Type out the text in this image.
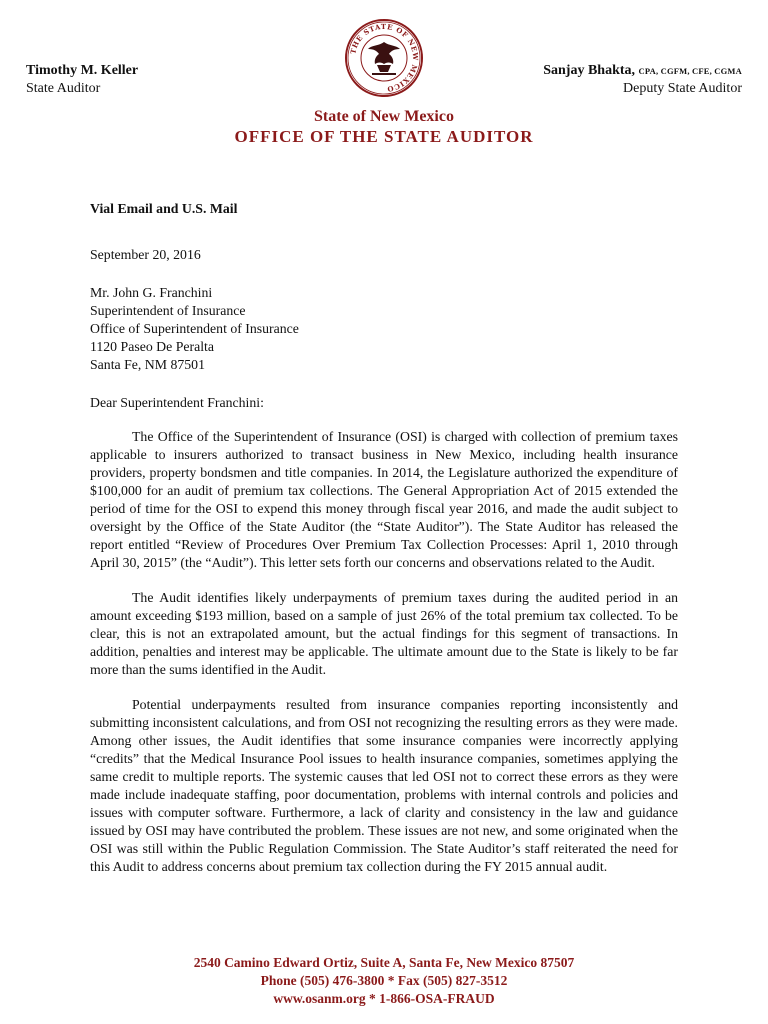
THE STATE OF NEW MEXICO
Timothy M. Keller
State Auditor
Sanjay Bhakta, CPA, CGFM, CFE, CGMA
Deputy State Auditor
State of New Mexico
OFFICE OF THE STATE AUDITOR
Vial Email and U.S. Mail
September 20, 2016
Mr. John G. Franchini
Superintendent of Insurance
Office of Superintendent of Insurance
1120 Paseo De Peralta
Santa Fe, NM 87501
Dear Superintendent Franchini:

The Office of the Superintendent of Insurance (OSI) is charged with collection of premium taxes applicable to insurers authorized to transact business in New Mexico, including health insurance providers, property bondsmen and title companies. In 2014, the Legislature authorized the expenditure of $100,000 for an audit of premium tax collections. The General Appropriation Act of 2015 extended the period of time for the OSI to expend this money through fiscal year 2016, and made the audit subject to oversight by the Office of the State Auditor (the “State Auditor”). The State Auditor has released the report entitled “Review of Procedures Over Premium Tax Collection Processes: April 1, 2010 through April 30, 2015” (the “Audit”). This letter sets forth our concerns and observations related to the Audit.

The Audit identifies likely underpayments of premium taxes during the audited period in an amount exceeding $193 million, based on a sample of just 26% of the total premium tax collected. To be clear, this is not an extrapolated amount, but the actual findings for this segment of transactions. In addition, penalties and interest may be applicable. The ultimate amount due to the State is likely to be far more than the sums identified in the Audit.

Potential underpayments resulted from insurance companies reporting inconsistently and submitting inconsistent calculations, and from OSI not recognizing the resulting errors as they were made. Among other issues, the Audit identifies that some insurance companies were incorrectly applying “credits” that the Medical Insurance Pool issues to health insurance companies, sometimes applying the same credit to multiple reports. The systemic causes that led OSI not to correct these errors as they were made include inadequate staffing, poor documentation, problems with internal controls and policies and issues with computer software. Furthermore, a lack of clarity and consistency in the law and guidance issued by OSI may have contributed the problem. These issues are not new, and some originated when the OSI was still within the Public Regulation Commission. The State Auditor’s staff reiterated the need for this Audit to address concerns about premium tax collection during the FY 2015 annual audit.

2540 Camino Edward Ortiz, Suite A, Santa Fe, New Mexico 87507
Phone (505) 476-3800 * Fax (505) 827-3512
www.osanm.org * 1-866-OSA-FRAUD
